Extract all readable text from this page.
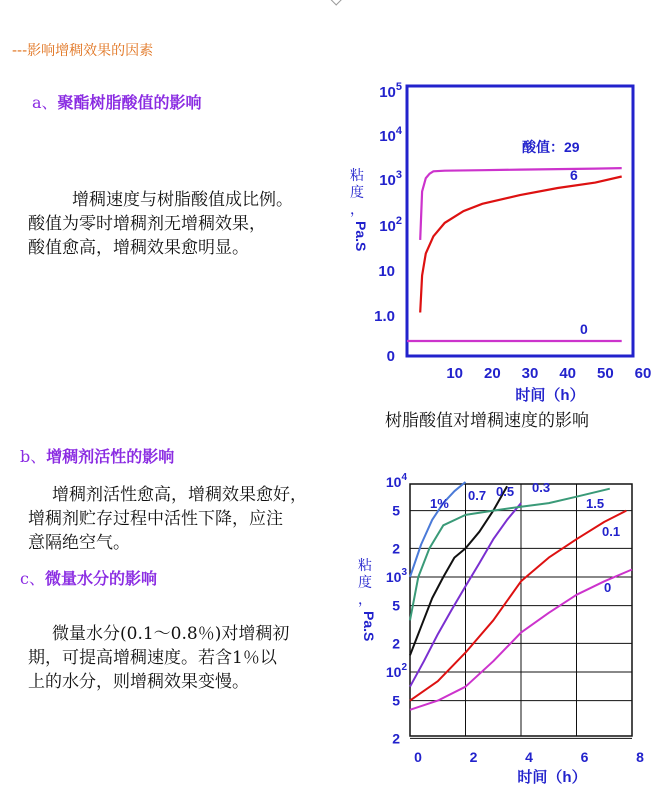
---影响增稠效果的因素
a、聚酯树脂酸值的影响
增稠速度与树脂酸值成比例。
酸值为零时增稠剂无增稠效果，
酸值愈高，增稠效果愈明显。
$10^5$
$10^4$
$10^3$
$10^2$
10
1.0
0
10 20 30 40 50 60
粘
度
，
Pa.S
时间（h）
酸值：29
6
0
树脂酸值对增稠速度的影响
b、增稠剂活性的影响
增稠剂活性愈高，增稠效果愈好，
增稠剂贮存过程中活性下降，应注
意隔绝空气。
c、微量水分的影响
微量水分(0.1～0.8％)对增稠初
期，可提高增稠速度。若含1％以
上的水分，则增稠效果变慢。
$10^4$
5
2
$10^3$
5
2
$10^2$
5
2
0	2	4	6	8
粘
度
，
Pa.S
时间（h）
1%
0.7 0.5 0.3
1.5
0.1
0
